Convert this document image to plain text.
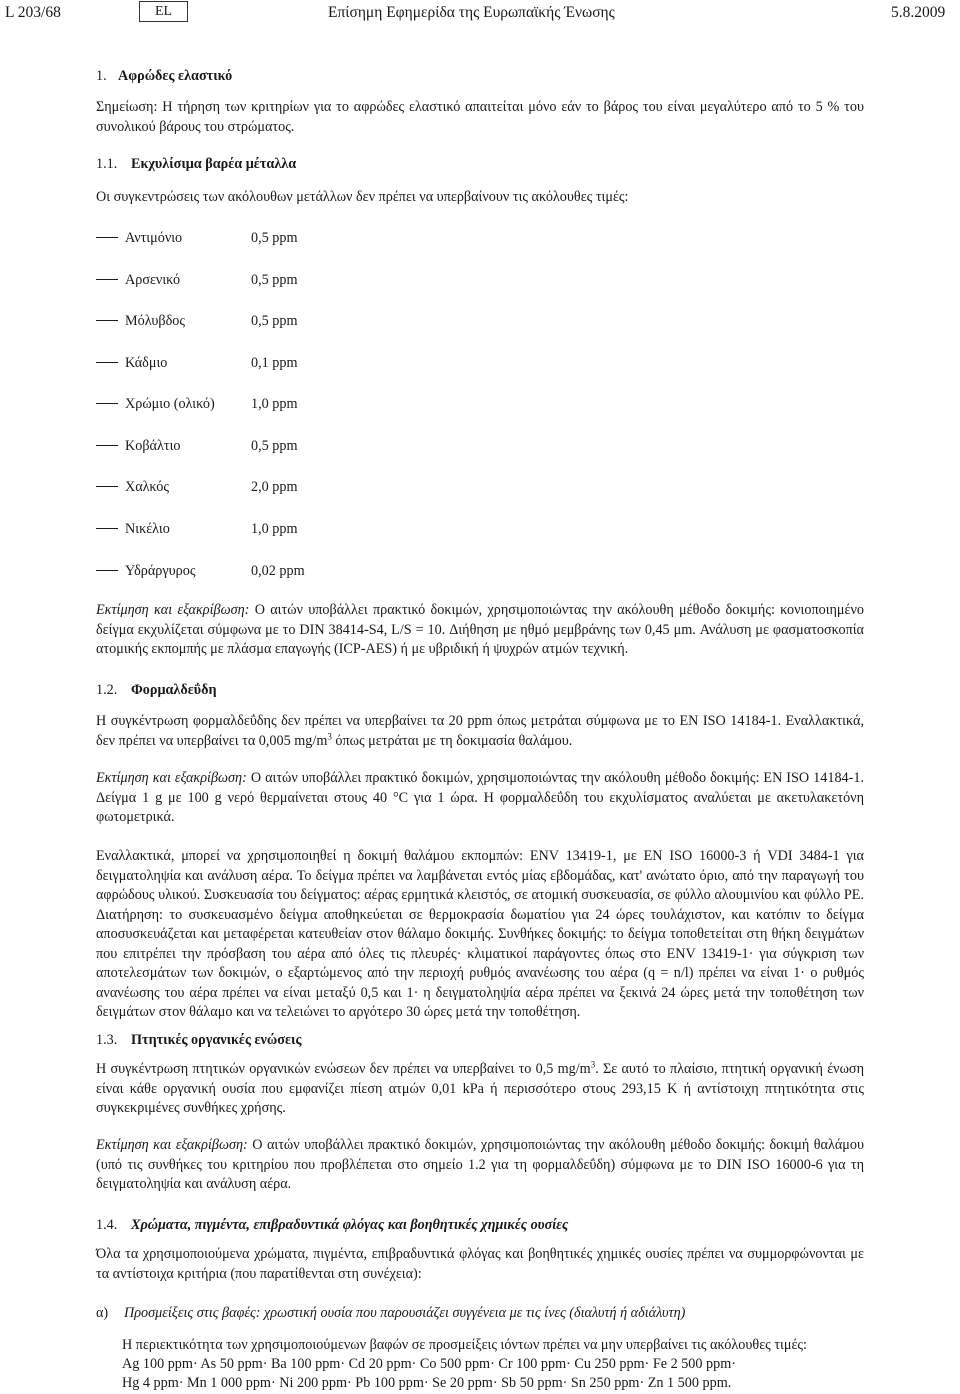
L 203/68	EL	Επίσημη Εφημερίδα της Ευρωπαϊκής Ένωσης	5.8.2009
1. Αφρώδες ελαστικό

Σημείωση: Η τήρηση των κριτηρίων για το αφρώδες ελαστικό απαιτείται μόνο εάν το βάρος του είναι μεγαλύτερο από το 5 % του συνολικού βάρους του στρώματος.

1.1. Εκχυλίσιμα βαρέα μέταλλα

Οι συγκεντρώσεις των ακόλουθων μετάλλων δεν πρέπει να υπερβαίνουν τις ακόλουθες τιμές:

Αντιμόνιο	0,5 ppm
Αρσενικό	0,5 ppm
Μόλυβδος	0,5 ppm
Κάδμιο	0,1 ppm
Χρώμιο (ολικό)	1,0 ppm
Κοβάλτιο	0,5 ppm
Χαλκός	2,0 ppm
Νικέλιο	1,0 ppm
Υδράργυρος	0,02 ppm

Εκτίμηση και εξακρίβωση: Ο αιτών υποβάλλει πρακτικό δοκιμών, χρησιμοποιώντας την ακόλουθη μέθοδο δοκιμής: κονιοποιημένο δείγμα εκχυλίζεται σύμφωνα με το DIN 38414-S4, L/S = 10. Διήθηση με ηθμό μεμβράνης των 0,45 μm. Ανάλυση με φασματοσκοπία ατομικής εκπομπής με πλάσμα επαγωγής (ICP-AES) ή με υβριδική ή ψυχρών ατμών τεχνική.

1.2. Φορμαλδεΰδη

Η συγκέντρωση φορμαλδεΰδης δεν πρέπει να υπερβαίνει τα 20 ppm όπως μετράται σύμφωνα με το EN ISO 14184-1. Εναλλακτικά, δεν πρέπει να υπερβαίνει τα 0,005 $mg/m^3$ όπως μετράται με τη δοκιμασία θαλάμου.

Εκτίμηση και εξακρίβωση: Ο αιτών υποβάλλει πρακτικό δοκιμών, χρησιμοποιώντας την ακόλουθη μέθοδο δοκιμής: EN ISO 14184-1. Δείγμα 1 g με 100 g νερό θερμαίνεται στους 40 °C για 1 ώρα. Η φορμαλδεΰδη του εκχυλίσματος αναλύεται με ακετυλακετόνη φωτομετρικά.

Εναλλακτικά, μπορεί να χρησιμοποιηθεί η δοκιμή θαλάμου εκπομπών: ENV 13419-1, με EN ISO 16000-3 ή VDI 3484-1 για δειγματοληψία και ανάλυση αέρα. Το δείγμα πρέπει να λαμβάνεται εντός μίας εβδομάδας, κατ' ανώτατο όριο, από την παραγωγή του αφρώδους υλικού. Συσκευασία του δείγματος: αέρας ερμητικά κλειστός, σε ατομική συσκευασία, σε φύλλο αλουμινίου και φύλλο PE. Διατήρηση: το συσκευασμένο δείγμα αποθηκεύεται σε θερμοκρασία δωματίου για 24 ώρες τουλάχιστον, και κατόπιν το δείγμα αποσυσκευάζεται και μεταφέρεται κατευθείαν στον θάλαμο δοκιμής. Συνθήκες δοκιμής: το δείγμα τοποθετείται στη θήκη δειγμάτων που επιτρέπει την πρόσβαση του αέρα από όλες τις πλευρές· κλιματικοί παράγοντες όπως στο ENV 13419-1· για σύγκριση των αποτελεσμάτων των δοκιμών, ο εξαρτώμενος από την περιοχή ρυθμός ανανέωσης του αέρα (q = n/l) πρέπει να είναι 1· ο ρυθμός ανανέωσης του αέρα πρέπει να είναι μεταξύ 0,5 και 1· η δειγματοληψία αέρα πρέπει να ξεκινά 24 ώρες μετά την τοποθέτηση των δειγμάτων στον θάλαμο και να τελειώνει το αργότερο 30 ώρες μετά την τοποθέτηση.

1.3. Πτητικές οργανικές ενώσεις

Η συγκέντρωση πτητικών οργανικών ενώσεων δεν πρέπει να υπερβαίνει το 0,5 $mg/m^3$. Σε αυτό το πλαίσιο, πτητική οργανική ένωση είναι κάθε οργανική ουσία που εμφανίζει πίεση ατμών 0,01 kPa ή περισσότερο στους 293,15 K ή αντίστοιχη πτητικότητα στις συγκεκριμένες συνθήκες χρήσης.

Εκτίμηση και εξακρίβωση: Ο αιτών υποβάλλει πρακτικό δοκιμών, χρησιμοποιώντας την ακόλουθη μέθοδο δοκιμής: δοκιμή θαλάμου (υπό τις συνθήκες του κριτηρίου που προβλέπεται στο σημείο 1.2 για τη φορμαλδεΰδη) σύμφωνα με το DIN ISO 16000-6 για τη δειγματοληψία και ανάλυση αέρα.

1.4. Χρώματα, πιγμέντα, επιβραδυντικά φλόγας και βοηθητικές χημικές ουσίες

Όλα τα χρησιμοποιούμενα χρώματα, πιγμέντα, επιβραδυντικά φλόγας και βοηθητικές χημικές ουσίες πρέπει να συμμορφώνονται με τα αντίστοιχα κριτήρια (που παρατίθενται στη συνέχεια):

α) Προσμείξεις στις βαφές: χρωστική ουσία που παρουσιάζει συγγένεια με τις ίνες (διαλυτή ή αδιάλυτη)

Η περιεκτικότητα των χρησιμοποιούμενων βαφών σε προσμείξεις ιόντων πρέπει να μην υπερβαίνει τις ακόλουθες τιμές:

Ag 100 ppm· As 50 ppm· Ba 100 ppm· Cd 20 ppm· Co 500 ppm· Cr 100 ppm· Cu 250 ppm· Fe 2 500 ppm·

Hg 4 ppm· Mn 1 000 ppm· Ni 200 ppm· Pb 100 ppm· Se 20 ppm· Sb 50 ppm· Sn 250 ppm· Zn 1 500 ppm.
